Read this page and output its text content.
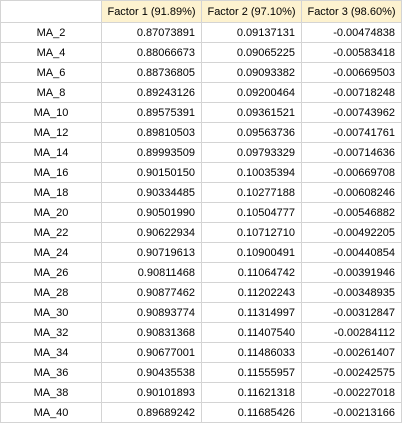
	Factor 1 (91.89%)	Factor 2 (97.10%)	Factor 3 (98.60%)
MA_2	0.87073891	0.09137131	-0.00474838
MA_4	0.88066673	0.09065225	-0.00583418
MA_6	0.88736805	0.09093382	-0.00669503
MA_8	0.89243126	0.09200464	-0.00718248
MA_10	0.89575391	0.09361521	-0.00743962
MA_12	0.89810503	0.09563736	-0.00741761
MA_14	0.89993509	0.09793329	-0.00714636
MA_16	0.90150150	0.10035394	-0.00669708
MA_18	0.90334485	0.10277188	-0.00608246
MA_20	0.90501990	0.10504777	-0.00546882
MA_22	0.90622934	0.10712710	-0.00492205
MA_24	0.90719613	0.10900491	-0.00440854
MA_26	0.90811468	0.11064742	-0.00391946
MA_28	0.90877462	0.11202243	-0.00348935
MA_30	0.90893774	0.11314997	-0.00312847
MA_32	0.90831368	0.11407540	-0.00284112
MA_34	0.90677001	0.11486033	-0.00261407
MA_36	0.90435538	0.11555957	-0.00242575
MA_38	0.90101893	0.11621318	-0.00227018
MA_40	0.89689242	0.11685426	-0.00213166
